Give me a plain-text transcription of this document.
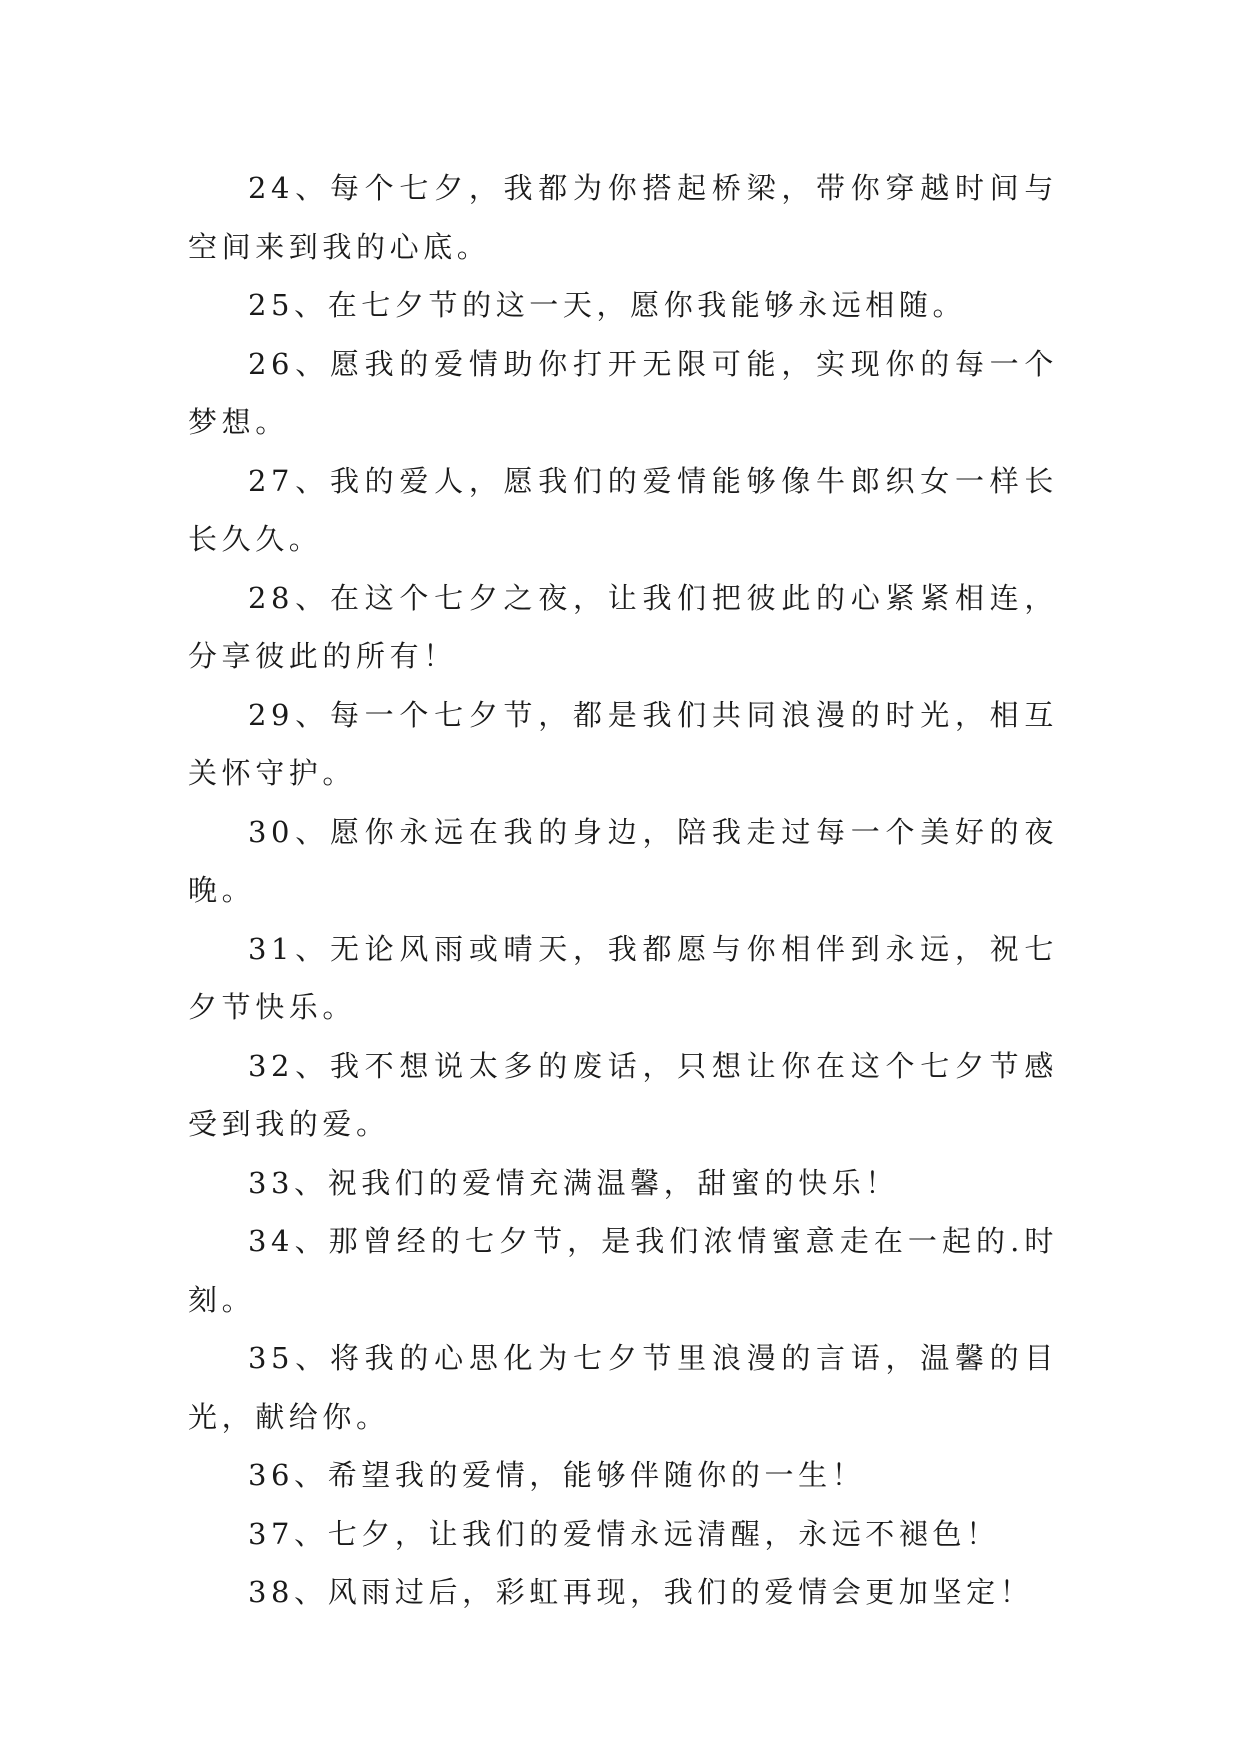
24、每个七夕，我都为你搭起桥梁，带你穿越时间与空间来到我的心底。

25、在七夕节的这一天，愿你我能够永远相随。

26、愿我的爱情助你打开无限可能，实现你的每一个梦想。

27、我的爱人，愿我们的爱情能够像牛郎织女一样长长久久。

28、在这个七夕之夜，让我们把彼此的心紧紧相连，分享彼此的所有！

29、每一个七夕节，都是我们共同浪漫的时光，相互关怀守护。

30、愿你永远在我的身边，陪我走过每一个美好的夜晚。

31、无论风雨或晴天，我都愿与你相伴到永远，祝七夕节快乐。

32、我不想说太多的废话，只想让你在这个七夕节感受到我的爱。

33、祝我们的爱情充满温馨，甜蜜的快乐！

34、那曾经的七夕节，是我们浓情蜜意走在一起的.时刻。

35、将我的心思化为七夕节里浪漫的言语，温馨的目光，献给你。

36、希望我的爱情，能够伴随你的一生！

37、七夕，让我们的爱情永远清醒，永远不褪色！

38、风雨过后，彩虹再现，我们的爱情会更加坚定！
